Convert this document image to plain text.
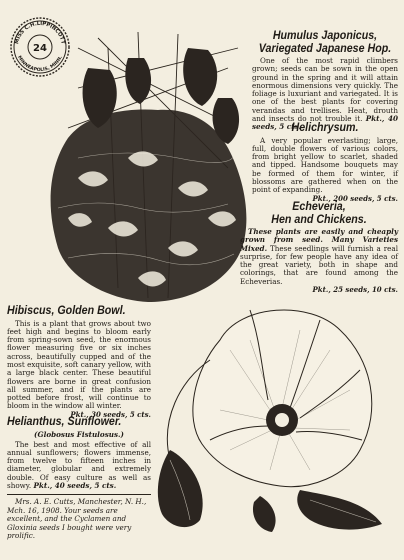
MISS C.H.LIPPINCOTT
MINNEAPOLIS, MINN.
24

Humulus Japonicus,

Variegated Japanese Hop.

One of the most rapid climbers grown; seeds can be sown in the open ground in the spring and it will attain enormous dimensions very quickly. The foliage is luxuriant and variegated. It is one of the best plants for covering verandas and trellises. Heat, drouth and insects do not trouble it. Pkt., 40 seeds, 5 cts.

Helichrysum.

A very popular everlasting; large, full, double flowers of various colors, from bright yellow to scarlet, shaded and tipped. Handsome bouquets may be formed of them for winter, if blossoms are gathered when on the point of expanding.

Pkt., 200 seeds, 5 cts.

Echeveria,

Hen and Chickens.

These plants are easily and cheaply grown from seed. Many Varieties Mixed. These seedlings will furnish a real surprise, for few people have any idea of the great variety, both in shape and colorings, that are found among the Echeverias.

Pkt., 25 seeds, 10 cts.

Hibiscus, Golden Bowl.

This is a plant that grows about two feet high and begins to bloom early from spring-sown seed, the enormous flower measuring five or six inches across, beautifully cupped and of the most exquisite, soft canary yellow, with a large black center. These beautiful flowers are borne in great confusion all summer, and if the plants are potted before frost, will continue to bloom in the window all winter.

Pkt., 30 seeds, 5 cts.

Helianthus, Sunflower.

(Globosus Fistulosus.)

The best and most effective of all annual sunflowers; flowers immense, from twelve to fifteen inches in diameter, globular and extremely double. Of easy culture as well as showy. Pkt., 40 seeds, 5 cts.

Mrs. A. E. Cutts, Manchester, N. H., Mch. 16, 1908. Your seeds are excellent, and the Cyclamen and Gloxinia seeds I bought were very prolific.
